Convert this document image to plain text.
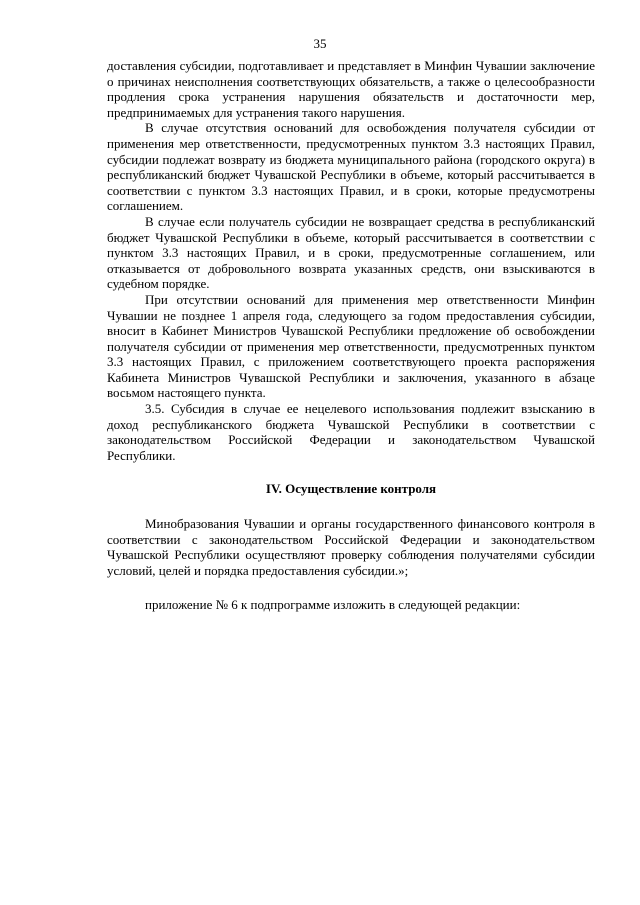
35

доставления субсидии, подготавливает и представляет в Минфин Чувашии заключение о причинах неисполнения соответствующих обязательств, а также о целесообразности продления срока устранения нарушения обязательств и достаточности мер, предпринимаемых для устранения такого нарушения.

В случае отсутствия оснований для освобождения получателя субсидии от применения мер ответственности, предусмотренных пунктом 3.3 настоящих Правил, субсидии подлежат возврату из бюджета муниципального района (городского округа) в республиканский бюджет Чувашской Республики в объеме, который рассчитывается в соответствии с пунктом 3.3 настоящих Правил, и в сроки, которые предусмотрены соглашением.

В случае если получатель субсидии не возвращает средства в республиканский бюджет Чувашской Республики в объеме, который рассчитывается в соответствии с пунктом 3.3 настоящих Правил, и в сроки, предусмотренные соглашением, или отказывается от добровольного возврата указанных средств, они взыскиваются в судебном порядке.

При отсутствии оснований для применения мер ответственности Минфин Чувашии не позднее 1 апреля года, следующего за годом предоставления субсидии, вносит в Кабинет Министров Чувашской Республики предложение об освобождении получателя субсидии от применения мер ответственности, предусмотренных пунктом 3.3 настоящих Правил, с приложением соответствующего проекта распоряжения Кабинета Министров Чувашской Республики и заключения, указанного в абзаце восьмом настоящего пункта.

3.5. Субсидия в случае ее нецелевого использования подлежит взысканию в доход республиканского бюджета Чувашской Республики в соответствии с законодательством Российской Федерации и законодательством Чувашской Республики.

IV. Осуществление контроля

Минобразования Чувашии и органы государственного финансового контроля в соответствии с законодательством Российской Федерации и законодательством Чувашской Республики осуществляют проверку соблюдения получателями субсидии условий, целей и порядка предоставления субсидии.»;

приложение № 6 к подпрограмме изложить в следующей редакции:
